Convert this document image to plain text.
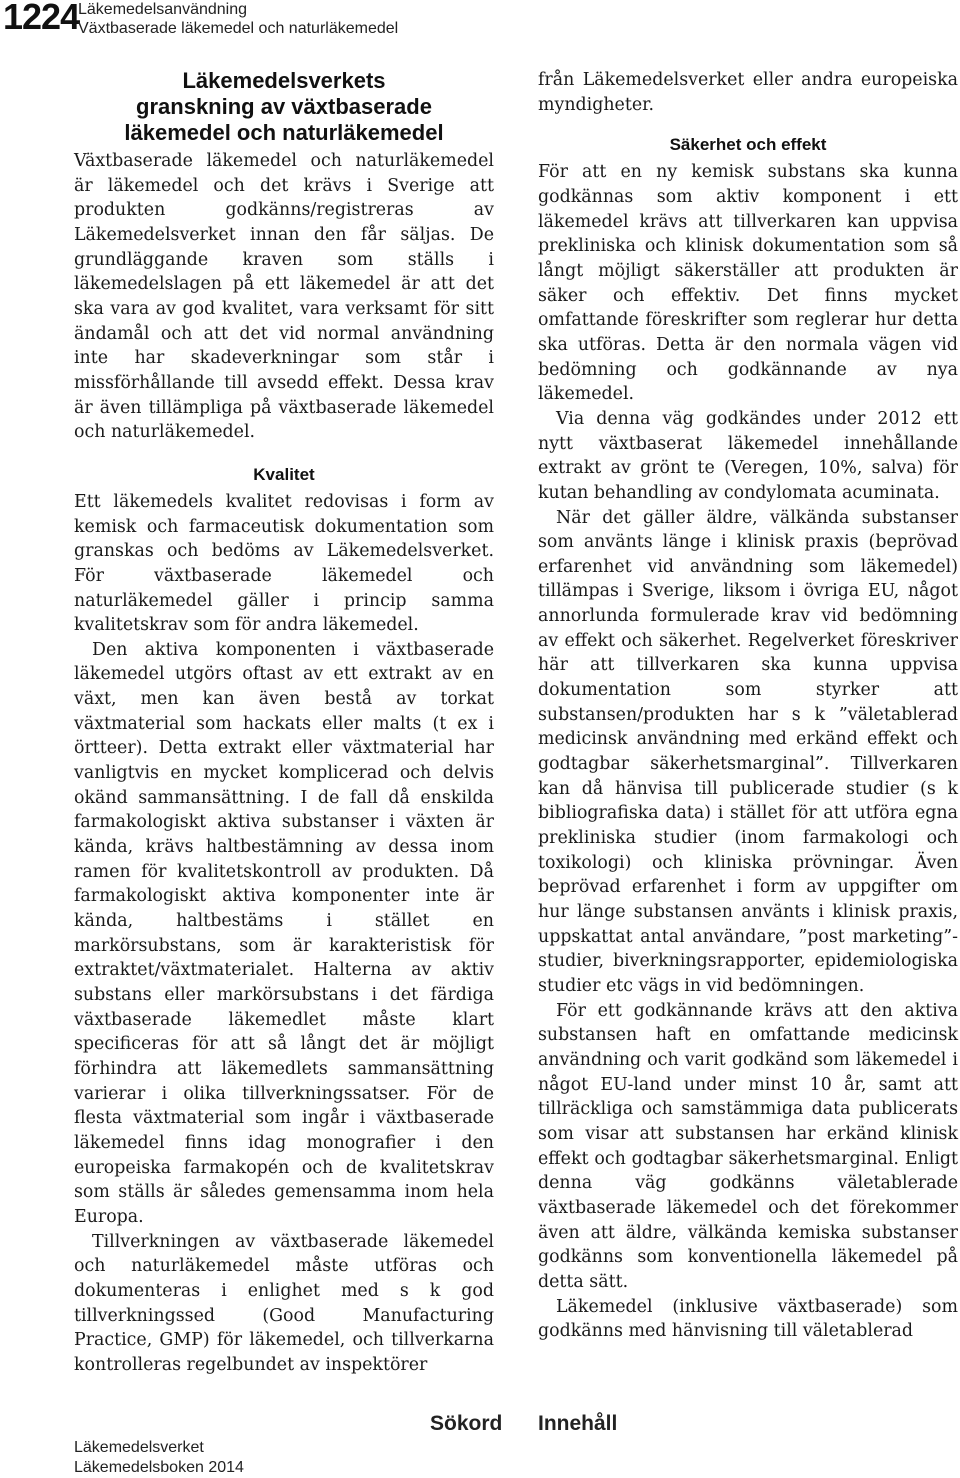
1224
Läkemedelsanvändning
Växtbaserade läkemedel och naturläkemedel
Läkemedelsverkets
granskning av växtbaserade
läkemedel och naturläkemedel

Växtbaserade läkemedel och naturläkemedel är läkemedel och det krävs i Sverige att produkten godkänns/registreras av Läkemedelsverket innan den får säljas. De grundläggande kraven som ställs i läkemedelslagen på ett läkemedel är att det ska vara av god kvalitet, vara verksamt för sitt ändamål och att det vid normal användning inte har skadeverkningar som står i missförhållande till avsedd effekt. Dessa krav är även tillämpliga på växtbaserade läkemedel och naturläkemedel.

Kvalitet

Ett läkemedels kvalitet redovisas i form av kemisk och farmaceutisk dokumentation som granskas och bedöms av Läkemedelsverket. För växtbaserade läkemedel och naturläkemedel gäller i princip samma kvalitetskrav som för andra läkemedel.

Den aktiva komponenten i växtbaserade läkemedel utgörs oftast av ett extrakt av en växt, men kan även bestå av torkat växtmaterial som hackats eller malts (t ex i örtteer). Detta extrakt eller växtmaterial har vanligtvis en mycket komplicerad och delvis okänd sammansättning. I de fall då enskilda farmakologiskt aktiva substanser i växten är kända, krävs haltbestämning av dessa inom ramen för kvalitetskontroll av produkten. Då farmakologiskt aktiva komponenter inte är kända, haltbestäms i stället en markörsubstans, som är karakteristisk för extraktet/växtmaterialet. Halterna av aktiv substans eller markörsubstans i det färdiga växtbaserade läkemedlet måste klart specificeras för att så långt det är möjligt förhindra att läkemedlets sammansättning varierar i olika tillverkningssatser. För de flesta växtmaterial som ingår i växtbaserade läkemedel finns idag monografier i den europeiska farmakopén och de kvalitetskrav som ställs är således gemensamma inom hela Europa.

Tillverkningen av växtbaserade läkemedel och naturläkemedel måste utföras och dokumenteras i enlighet med s k god tillverkningssed (Good Manufacturing Practice, GMP) för läkemedel, och tillverkarna kontrolleras regelbundet av inspektörer

från Läkemedelsverket eller andra europeiska myndigheter.

Säkerhet och effekt

För att en ny kemisk substans ska kunna godkännas som aktiv komponent i ett läkemedel krävs att tillverkaren kan uppvisa prekliniska och klinisk dokumentation som så långt möjligt säkerställer att produkten är säker och effektiv. Det finns mycket omfattande föreskrifter som reglerar hur detta ska utföras. Detta är den normala vägen vid bedömning och godkännande av nya läkemedel.

Via denna väg godkändes under 2012 ett nytt växtbaserat läkemedel innehållande extrakt av grönt te (Veregen, 10%, salva) för kutan behandling av condylomata acuminata.

När det gäller äldre, välkända substanser som använts länge i klinisk praxis (beprövad erfarenhet vid användning som läkemedel) tillämpas i Sverige, liksom i övriga EU, något annorlunda formulerade krav vid bedömning av effekt och säkerhet. Regelverket föreskriver här att tillverkaren ska kunna uppvisa dokumentation som styrker att substansen/produkten har s k ”väletablerad medicinsk användning med erkänd effekt och godtagbar säkerhetsmarginal”. Tillverkaren kan då hänvisa till publicerade studier (s k bibliografiska data) i stället för att utföra egna prekliniska studier (inom farmakologi och toxikologi) och kliniska prövningar. Även beprövad erfarenhet i form av uppgifter om hur länge substansen använts i klinisk praxis, uppskattat antal användare, ”post marketing”-studier, biverkningsrapporter, epidemiologiska studier etc vägs in vid bedömningen.

För ett godkännande krävs att den aktiva substansen haft en omfattande medicinsk användning och varit godkänd som läkemedel i något EU-land under minst 10 år, samt att tillräckliga och samstämmiga data publicerats som visar att substansen har erkänd klinisk effekt och godtagbar säkerhetsmarginal. Enligt denna väg godkänns väletablerade växtbaserade läkemedel och det förekommer även att äldre, välkända kemiska substanser godkänns som konventionella läkemedel på detta sätt.

Läkemedel (inklusive växtbaserade) som godkänns med hänvisning till väletablerad

Sökord Innehåll
Läkemedelsverket
Läkemedelsboken 2014
